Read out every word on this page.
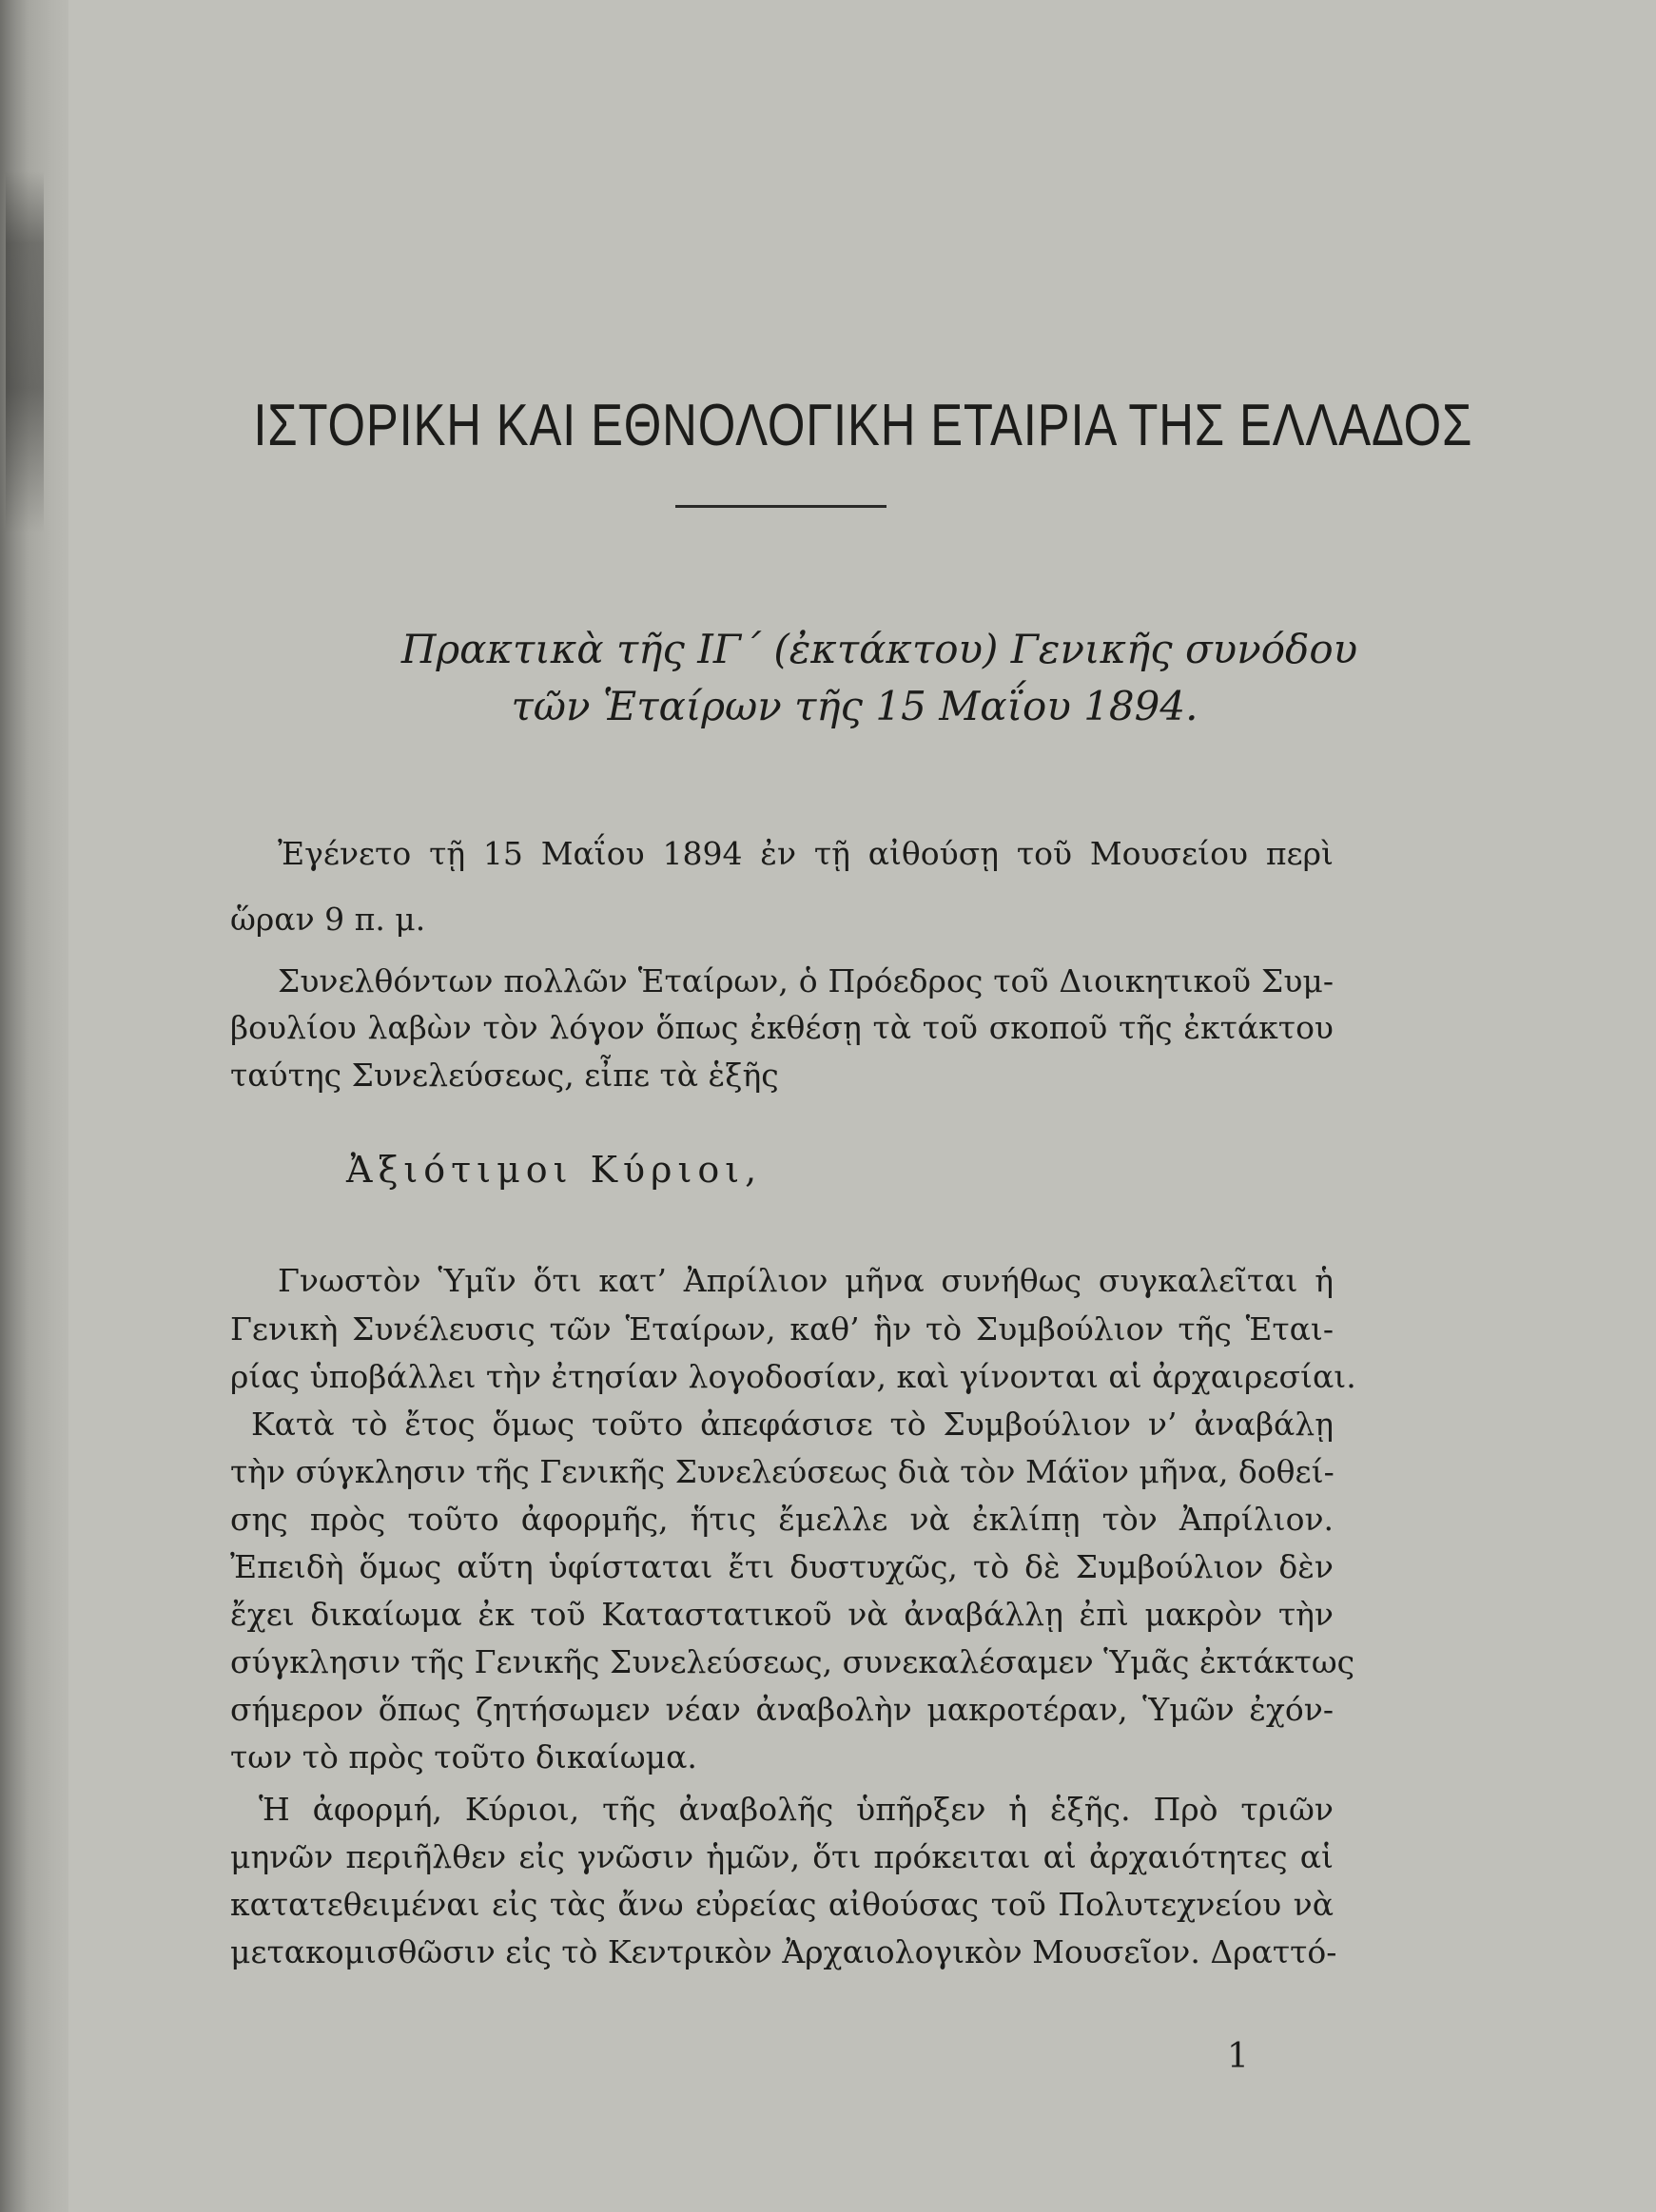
ΙΣΤΟΡΙΚΗ ΚΑΙ ΕΘΝΟΛΟΓΙΚΗ ΕΤΑΙΡΙΑ ΤΗΣ ΕΛΛΑΔΟΣ
Πρακτικὰ τῆς ΙΓ΄ (ἐκτάκτου) Γενικῆς συνόδου
τῶν Ἑταίρων τῆς 15 Μαΐου 1894.
Ἐγένετο τῇ 15 Μαΐου 1894 ἐν τῇ αἰθούσῃ τοῦ Μουσείου περὶ
ὥραν 9 π. μ.
Συνελθόντων πολλῶν Ἑταίρων, ὁ Πρόεδρος τοῦ Διοικητικοῦ Συμ-
βουλίου λαβὼν τὸν λόγον ὅπως ἐκθέσῃ τὰ τοῦ σκοποῦ τῆς ἐκτάκτου
ταύτης Συνελεύσεως, εἶπε τὰ ἑξῆς
Ἀξιότιμοι Κύριοι,
Γνωστὸν Ὑμῖν ὅτι κατ’ Ἀπρίλιον μῆνα συνήθως συγκαλεῖται ἡ
Γενικὴ Συνέλευσις τῶν Ἑταίρων, καθ’ ἣν τὸ Συμβούλιον τῆς Ἑται-
ρίας ὑποβάλλει τὴν ἐτησίαν λογοδοσίαν, καὶ γίνονται αἱ ἀρχαιρεσίαι.
Κατὰ τὸ ἔτος ὅμως τοῦτο ἀπεφάσισε τὸ Συμβούλιον ν’ ἀναβάλῃ
τὴν σύγκλησιν τῆς Γενικῆς Συνελεύσεως διὰ τὸν Μάϊον μῆνα, δοθεί-
σης πρὸς τοῦτο ἀφορμῆς, ἥτις ἔμελλε νὰ ἐκλίπῃ τὸν Ἀπρίλιον.
Ἐπειδὴ ὅμως αὕτη ὑφίσταται ἔτι δυστυχῶς, τὸ δὲ Συμβούλιον δὲν
ἔχει δικαίωμα ἐκ τοῦ Καταστατικοῦ νὰ ἀναβάλλῃ ἐπὶ μακρὸν τὴν
σύγκλησιν τῆς Γενικῆς Συνελεύσεως, συνεκαλέσαμεν Ὑμᾶς ἐκτάκτως
σήμερον ὅπως ζητήσωμεν νέαν ἀναβολὴν μακροτέραν, Ὑμῶν ἐχόν-
των τὸ πρὸς τοῦτο δικαίωμα.
Ἡ ἀφορμή, Κύριοι, τῆς ἀναβολῆς ὑπῆρξεν ἡ ἑξῆς. Πρὸ τριῶν
μηνῶν περιῆλθεν εἰς γνῶσιν ἡμῶν, ὅτι πρόκειται αἱ ἀρχαιότητες αἱ
κατατεθειμέναι εἰς τὰς ἄνω εὐρείας αἰθούσας τοῦ Πολυτεχνείου νὰ
μετακομισθῶσιν εἰς τὸ Κεντρικὸν Ἀρχαιολογικὸν Μουσεῖον. Δραττό-
1
